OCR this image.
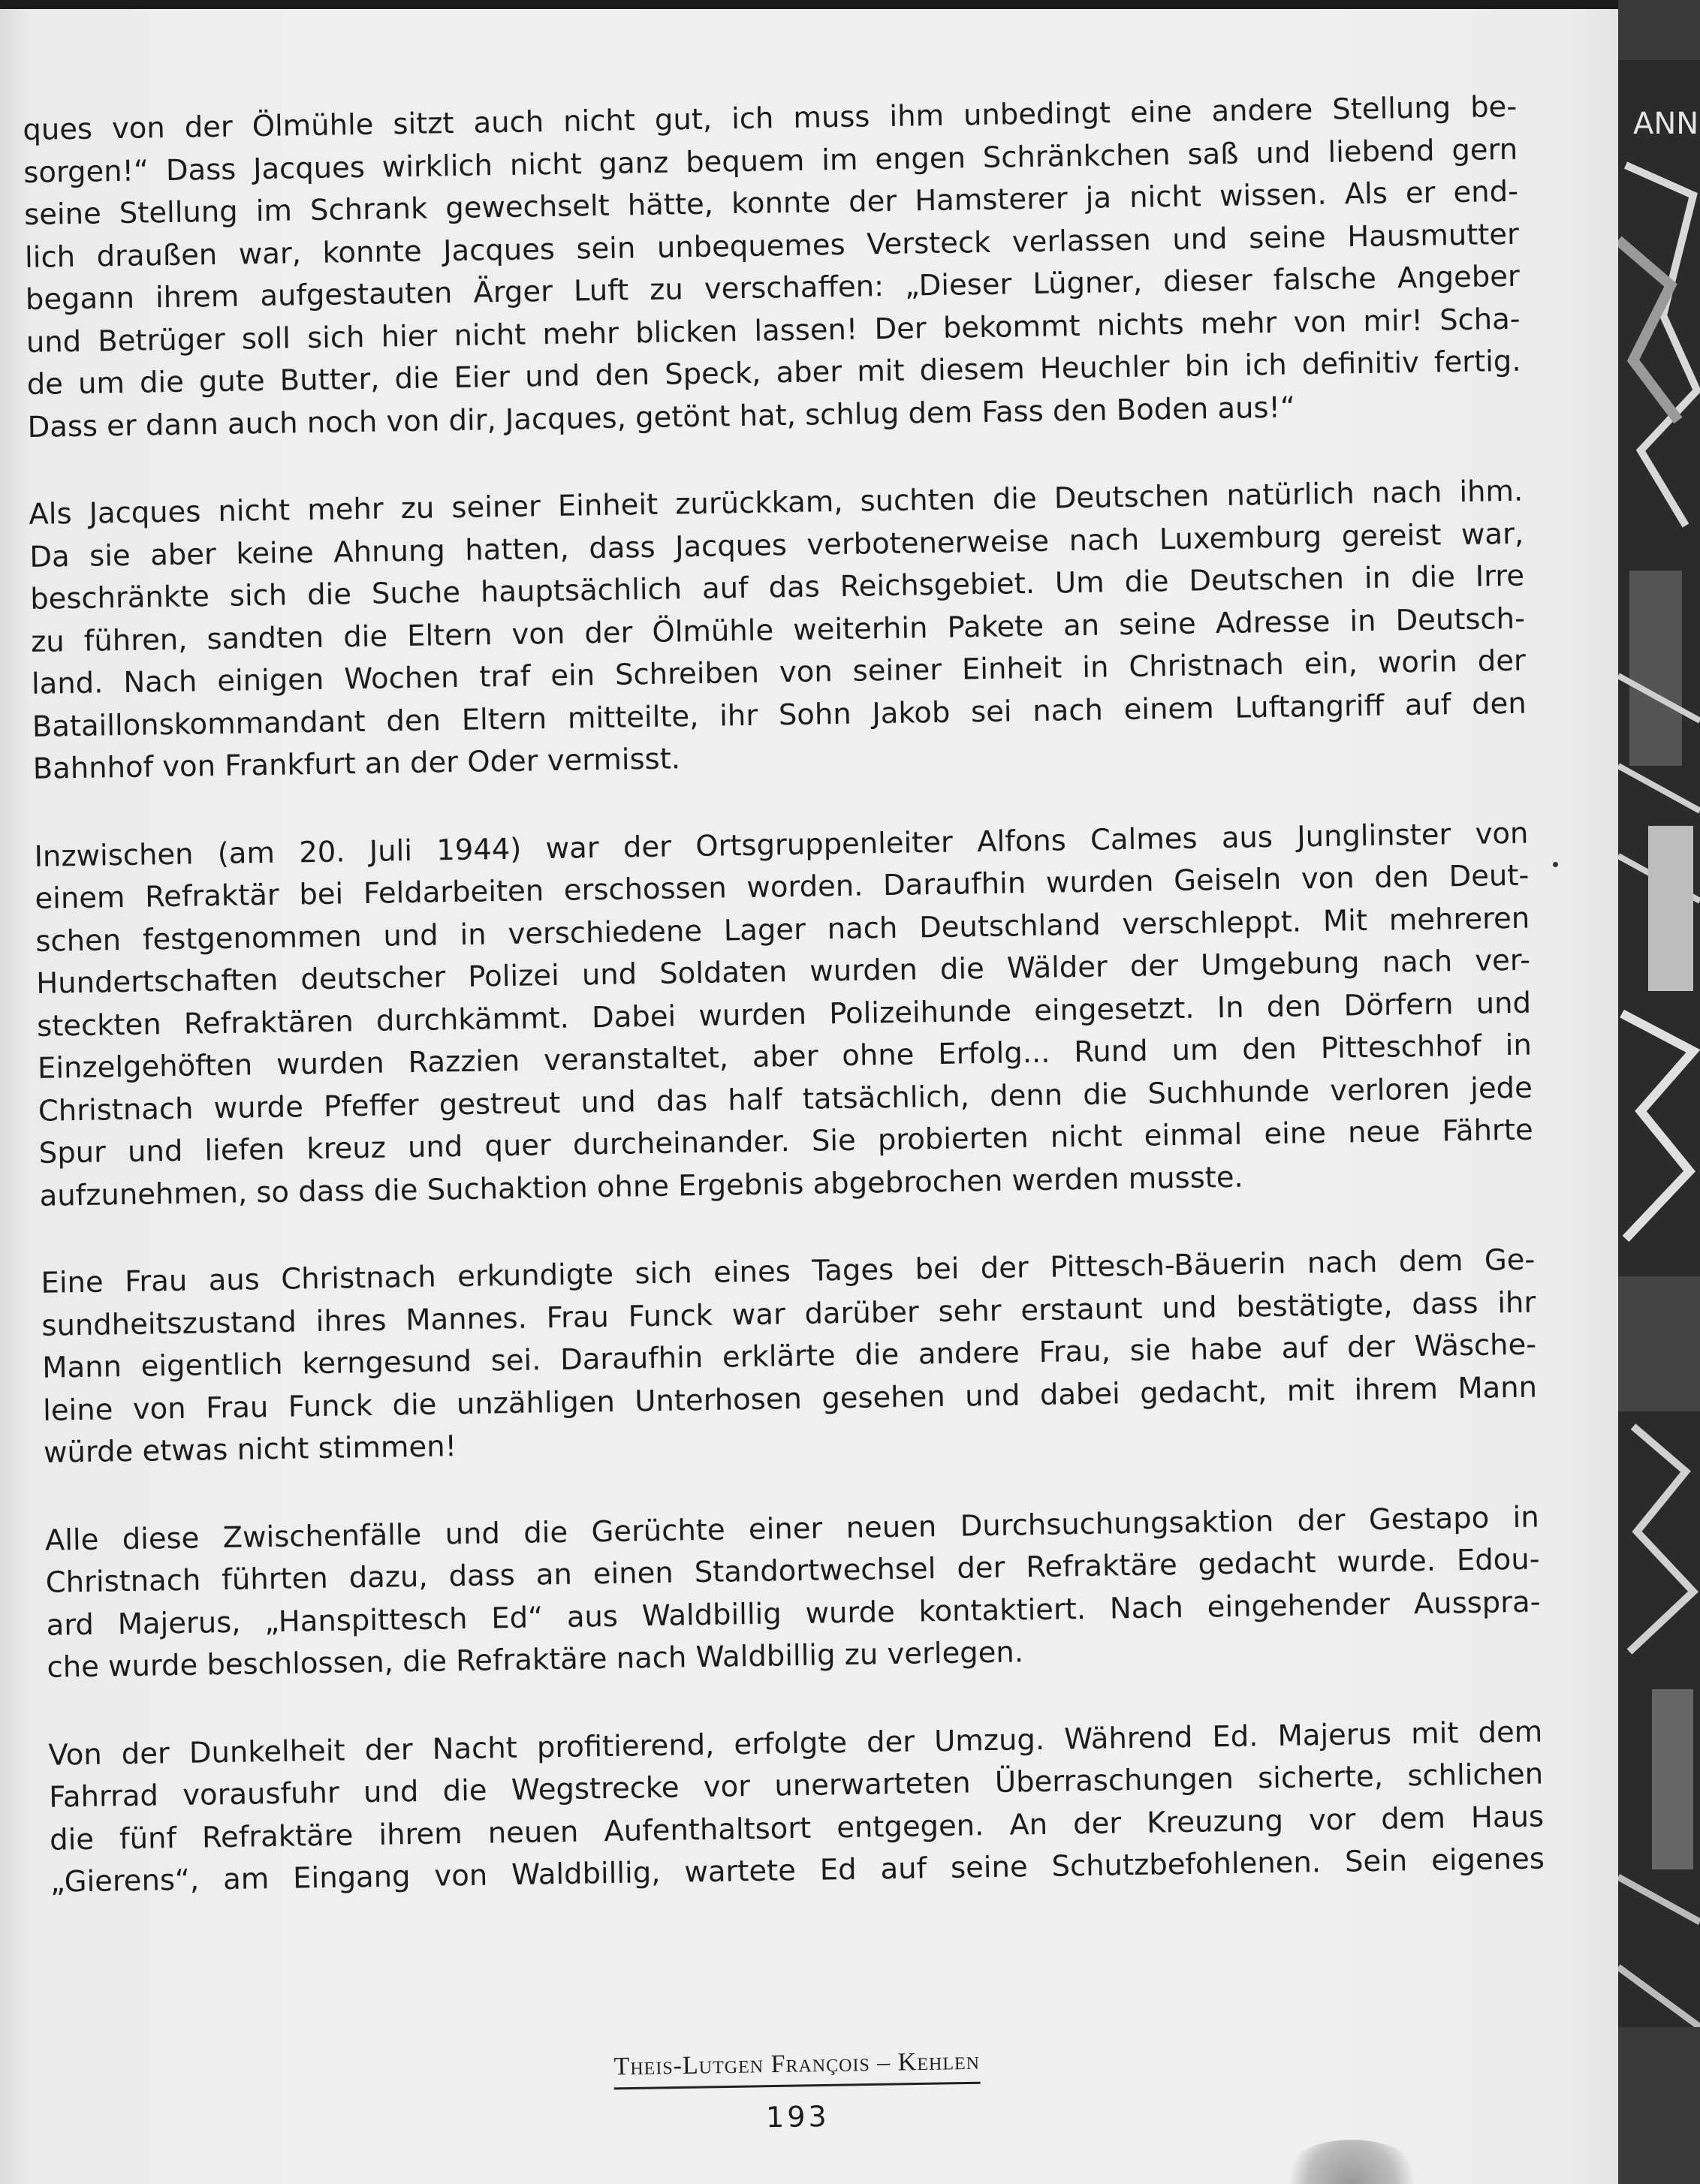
ANN

ques von der Ölmühle sitzt auch nicht gut, ich muss ihm unbedingt eine andere Stellung be-
sorgen!“ Dass Jacques wirklich nicht ganz bequem im engen Schränkchen saß und liebend gern
seine Stellung im Schrank gewechselt hätte, konnte der Hamsterer ja nicht wissen. Als er end-
lich draußen war, konnte Jacques sein unbequemes Versteck verlassen und seine Hausmutter
begann ihrem aufgestauten Ärger Luft zu verschaffen: „Dieser Lügner, dieser falsche Angeber
und Betrüger soll sich hier nicht mehr blicken lassen! Der bekommt nichts mehr von mir! Scha-
de um die gute Butter, die Eier und den Speck, aber mit diesem Heuchler bin ich definitiv fertig.
Dass er dann auch noch von dir, Jacques, getönt hat, schlug dem Fass den Boden aus!“

Als Jacques nicht mehr zu seiner Einheit zurückkam, suchten die Deutschen natürlich nach ihm.
Da sie aber keine Ahnung hatten, dass Jacques verbotenerweise nach Luxemburg gereist war,
beschränkte sich die Suche hauptsächlich auf das Reichsgebiet. Um die Deutschen in die Irre
zu führen, sandten die Eltern von der Ölmühle weiterhin Pakete an seine Adresse in Deutsch-
land. Nach einigen Wochen traf ein Schreiben von seiner Einheit in Christnach ein, worin der
Bataillonskommandant den Eltern mitteilte, ihr Sohn Jakob sei nach einem Luftangriff auf den
Bahnhof von Frankfurt an der Oder vermisst.

Inzwischen (am 20. Juli 1944) war der Ortsgruppenleiter Alfons Calmes aus Junglinster von
einem Refraktär bei Feldarbeiten erschossen worden. Daraufhin wurden Geiseln von den Deut-
schen festgenommen und in verschiedene Lager nach Deutschland verschleppt. Mit mehreren
Hundertschaften deutscher Polizei und Soldaten wurden die Wälder der Umgebung nach ver-
steckten Refraktären durchkämmt. Dabei wurden Polizeihunde eingesetzt. In den Dörfern und
Einzelgehöften wurden Razzien veranstaltet, aber ohne Erfolg... Rund um den Pitteschhof in
Christnach wurde Pfeffer gestreut und das half tatsächlich, denn die Suchhunde verloren jede
Spur und liefen kreuz und quer durcheinander. Sie probierten nicht einmal eine neue Fährte
aufzunehmen, so dass die Suchaktion ohne Ergebnis abgebrochen werden musste.

Eine Frau aus Christnach erkundigte sich eines Tages bei der Pittesch-Bäuerin nach dem Ge-
sundheitszustand ihres Mannes. Frau Funck war darüber sehr erstaunt und bestätigte, dass ihr
Mann eigentlich kerngesund sei. Daraufhin erklärte die andere Frau, sie habe auf der Wäsche-
leine von Frau Funck die unzähligen Unterhosen gesehen und dabei gedacht, mit ihrem Mann
würde etwas nicht stimmen!

Alle diese Zwischenfälle und die Gerüchte einer neuen Durchsuchungsaktion der Gestapo in
Christnach führten dazu, dass an einen Standortwechsel der Refraktäre gedacht wurde. Edou-
ard Majerus, „Hanspittesch Ed“ aus Waldbillig wurde kontaktiert. Nach eingehender Ausspra-
che wurde beschlossen, die Refraktäre nach Waldbillig zu verlegen.

Von der Dunkelheit der Nacht profitierend, erfolgte der Umzug. Während Ed. Majerus mit dem
Fahrrad vorausfuhr und die Wegstrecke vor unerwarteten Überraschungen sicherte, schlichen
die fünf Refraktäre ihrem neuen Aufenthaltsort entgegen. An der Kreuzung vor dem Haus
„Gierens“, am Eingang von Waldbillig, wartete Ed auf seine Schutzbefohlenen. Sein eigenes

Theis-Lutgen François – Kehlen
193
